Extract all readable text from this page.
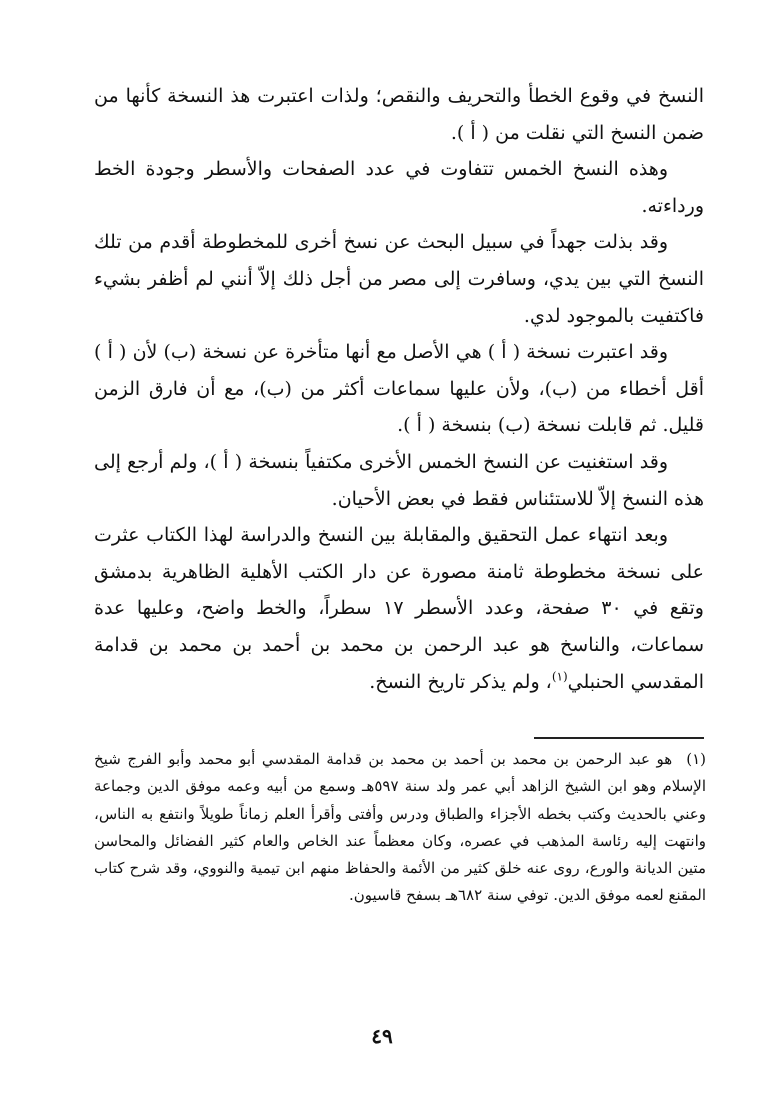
النسخ في وقوع الخطأ والتحريف والنقص؛ ولذات اعتبرت هذ النسخة كأنها من ضمن النسخ التي نقلت من ( أ ).

وهذه النسخ الخمس تتفاوت في عدد الصفحات والأسطر وجودة الخط ورداءته.

وقد بذلت جهداً في سبيل البحث عن نسخ أخرى للمخطوطة أقدم من تلك النسخ التي بين يدي، وسافرت إلى مصر من أجل ذلك إلاّ أنني لم أظفر بشيء فاكتفيت بالموجود لدي.

وقد اعتبرت نسخة ( أ ) هي الأصل مع أنها متأخرة عن نسخة (ب) لأن ( أ ) أقل أخطاء من (ب)، ولأن عليها سماعات أكثر من (ب)، مع أن فارق الزمن قليل. ثم قابلت نسخة (ب) بنسخة ( أ ).

وقد استغنيت عن النسخ الخمس الأخرى مكتفياً بنسخة ( أ )، ولم أرجع إلى هذه النسخ إلاّ للاستئناس فقط في بعض الأحيان.

وبعد انتهاء عمل التحقيق والمقابلة بين النسخ والدراسة لهذا الكتاب عثرت على نسخة مخطوطة ثامنة مصورة عن دار الكتب الأهلية الظاهرية بدمشق وتقع في ٣٠ صفحة، وعدد الأسطر ١٧ سطراً، والخط واضح، وعليها عدة سماعات، والناسخ هو عبد الرحمن بن محمد بن أحمد بن محمد بن قدامة المقدسي الحنبلي$^{(١)}$، ولم يذكر تاريخ النسخ.

(١)هو عبد الرحمن بن محمد بن أحمد بن محمد بن قدامة المقدسي أبو محمد وأبو الفرج شيخ الإسلام وهو ابن الشيخ الزاهد أبي عمر ولد سنة ٥٩٧هـ وسمع من أبيه وعمه موفق الدين وجماعة وعني بالحديث وكتب بخطه الأجزاء والطباق ودرس وأفتى وأقرأ العلم زماناً طويلاً وانتفع به الناس، وانتهت إليه رئاسة المذهب في عصره، وكان معظماً عند الخاص والعام كثير الفضائل والمحاسن متين الديانة والورع، روى عنه خلق كثير من الأئمة والحفاظ منهم ابن تيمية والنووي، وقد شرح كتاب المقنع لعمه موفق الدين. توفي سنة ٦٨٢هـ بسفح قاسيون.

٤٩
